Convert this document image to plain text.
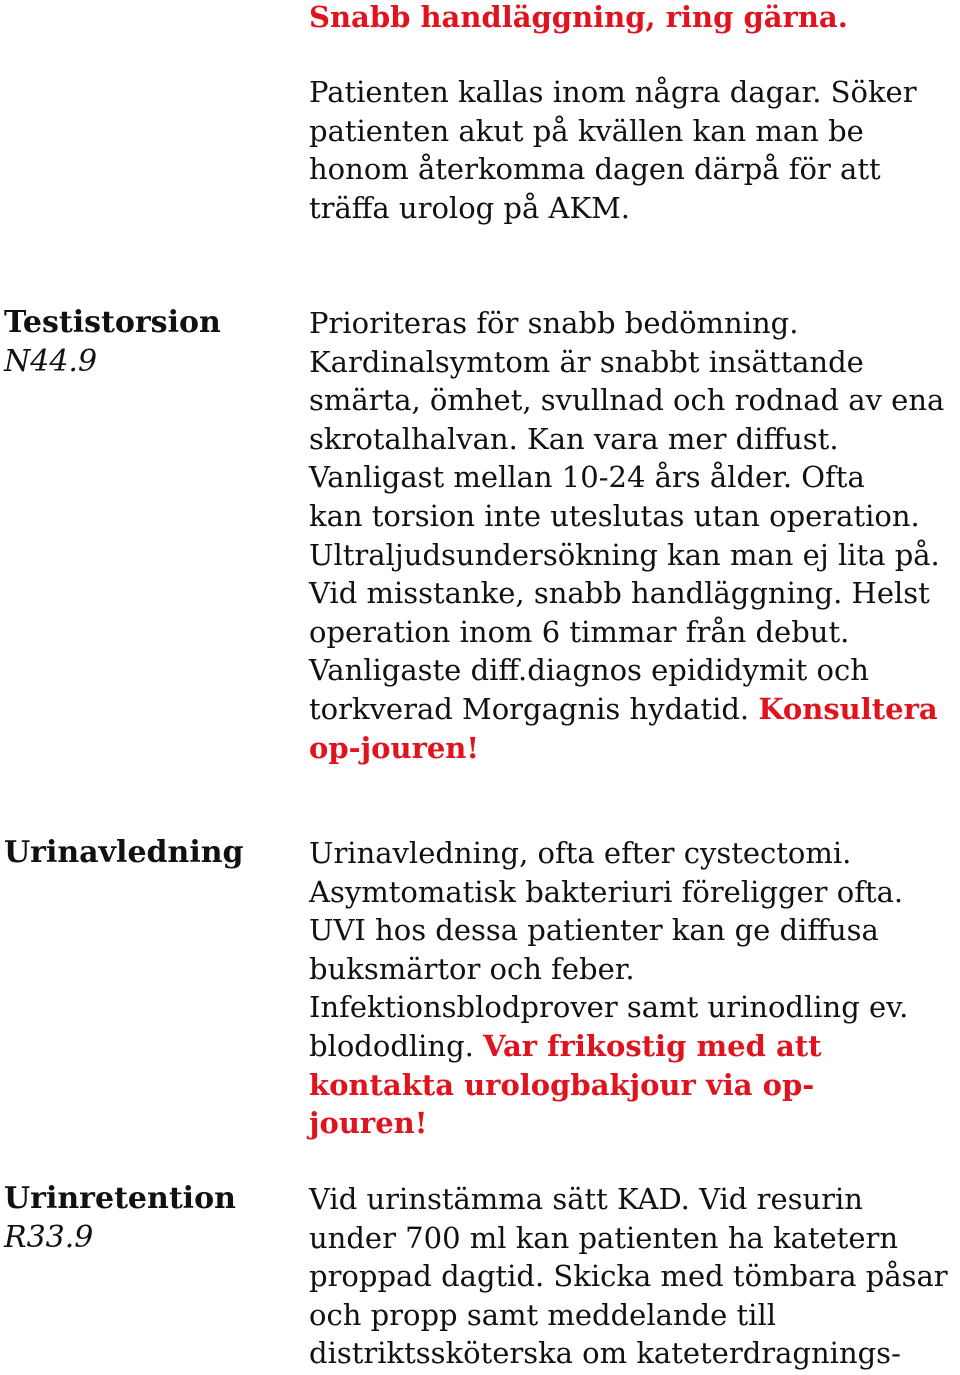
Snabb handläggning, ring gärna.

Patienten kallas inom några dagar. Söker

patienten akut på kvällen kan man be

honom återkomma dagen därpå för att

träffa urolog på AKM.

Testistorsion

N44.9

Prioriteras för snabb bedömning.

Kardinalsymtom är snabbt insättande

smärta, ömhet, svullnad och rodnad av ena

skrotalhalvan. Kan vara mer diffust.

Vanligast mellan 10-24 års ålder. Ofta

kan torsion inte uteslutas utan operation.

Ultraljudsundersökning kan man ej lita på.

Vid misstanke, snabb handläggning. Helst

operation inom 6 timmar från debut.

Vanligaste diff.diagnos epididymit och

torkverad Morgagnis hydatid. Konsultera

op-jouren!

Urinavledning Urinavledning, ofta efter cystectomi.

Asymtomatisk bakteriuri föreligger ofta.

UVI hos dessa patienter kan ge diffusa

buksmärtor och feber.

Infektionsblodprover samt urinodling ev.

blododling. Var frikostig med att

kontakta urologbakjour via op-

jouren!

Urinretention

R33.9

Vid urinstämma sätt KAD. Vid resurin

under 700 ml kan patienten ha katetern

proppad dagtid. Skicka med tömbara påsar

och propp samt meddelande till

distriktssköterska om kateterdragnings-
